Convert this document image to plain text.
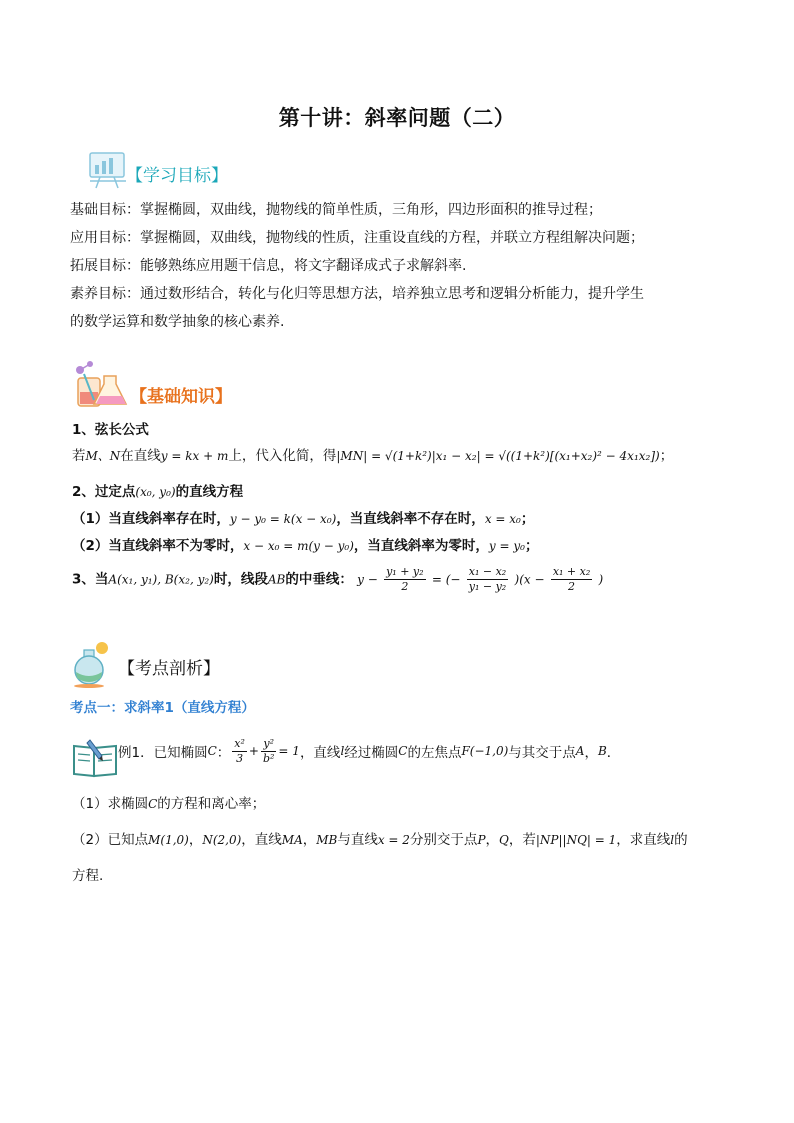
第十讲：斜率问题（二）
【学习目标】

基础目标：掌握椭圆，双曲线，抛物线的简单性质，三角形，四边形面积的推导过程；

应用目标：掌握椭圆，双曲线，抛物线的性质，注重设直线的方程，并联立方程组解决问题；

拓展目标：能够熟练应用题干信息，将文字翻译成式子求解斜率.

素养目标：通过数形结合，转化与化归等思想方法，培养独立思考和逻辑分析能力，提升学生

的数学运算和数学抽象的核心素养.

【基础知识】
1、弦长公式
若M、N在直线y = kx + m上，代入化简，得|MN| = √(1+k²)|x₁ − x₂| = √((1+k²)[(x₁+x₂)² − 4x₁x₂])；
2、过定点(x₀, y₀)的直线方程
（1）当直线斜率存在时，y − y₀ = k(x − x₀)，当直线斜率不存在时，x = x₀；
（2）当直线斜率不为零时，x − x₀ = m(y − y₀)，当直线斜率为零时，y = y₀；
3、当A(x₁, y₁), B(x₂, y₂)时，线段AB的中垂线： $y - \frac{\text{y₁ + y₂}}{2}$ = (− $\frac{\text{x₁ − x₂}}{\text{y₁ − y₂}} )(x - \frac{\text{x₁ + x₂}}{2}$ )
【考点剖析】
考点一：求斜率1（直线方程）
例1．已知椭圆 C ： $\frac{\text{x²}}{3} + \frac{\text{y²}}{\text{b²}} = 1$ ，直线 l 经过椭圆 C 的左焦点 F(−1,0) 与其交于点 A ， B ．
（1）求椭圆C的方程和离心率；
（2）已知点M(1,0)，N(2,0)，直线MA，MB与直线x = 2分别交于点P，Q，若|NP||NQ| = 1，求直线l的
方程.
